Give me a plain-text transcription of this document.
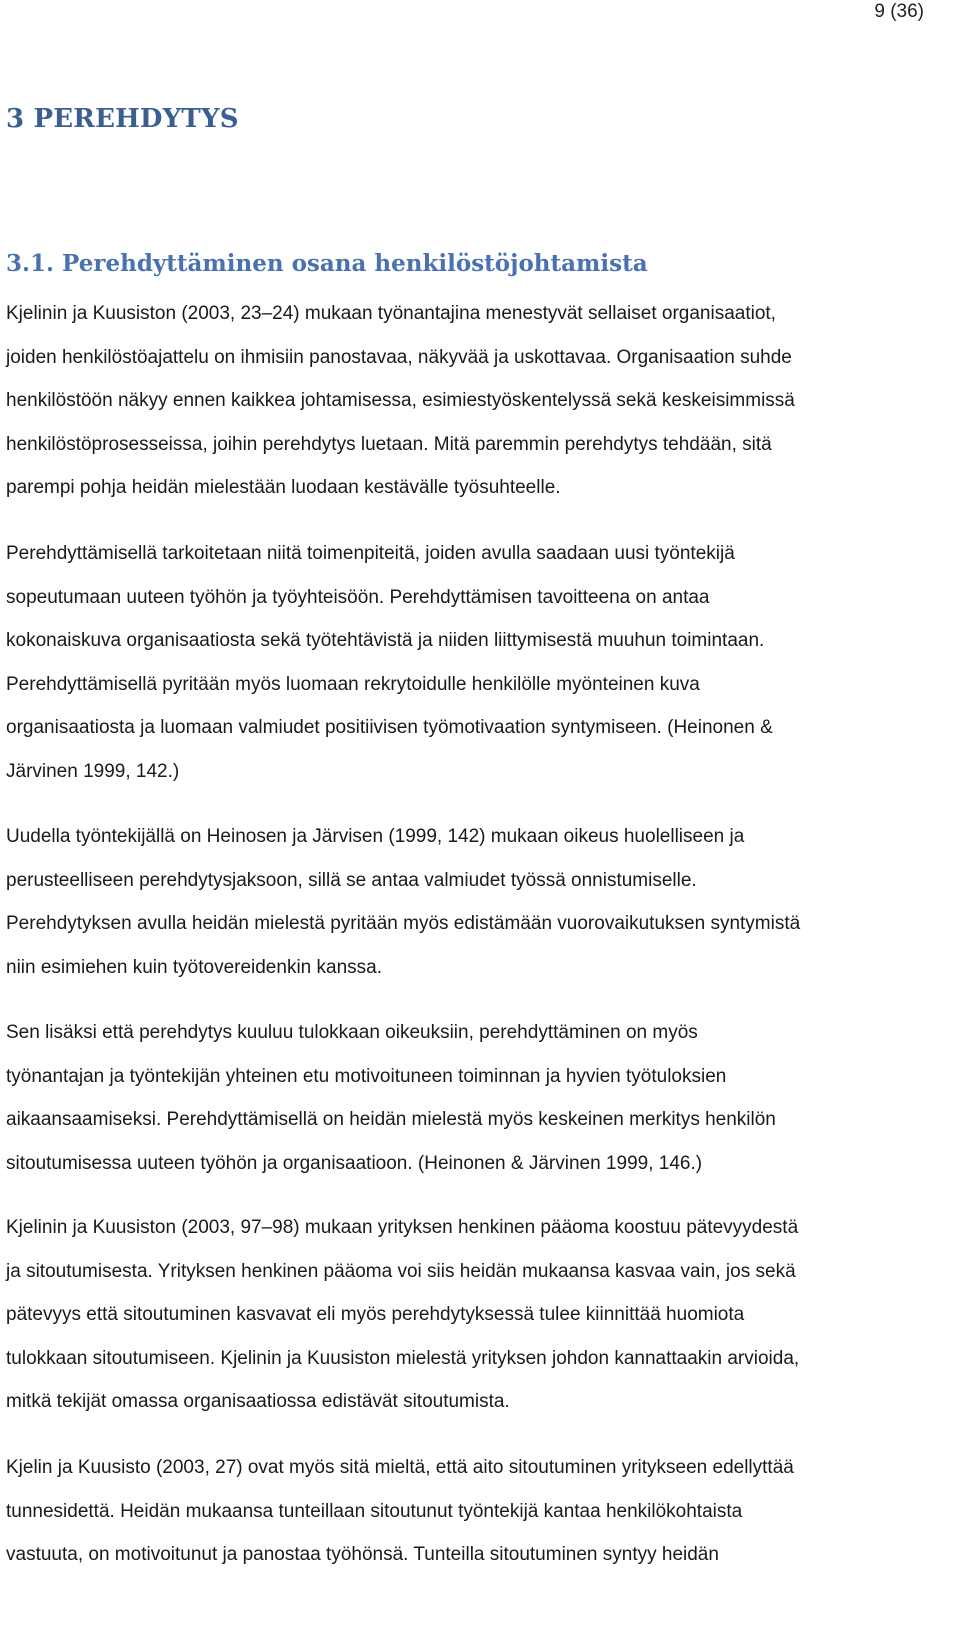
9 (36)
3 PEREHDYTYS
3.1. Perehdyttäminen osana henkilöstöjohtamista
Kjelinin ja Kuusiston (2003, 23–24) mukaan työnantajina menestyvät sellaiset organisaatiot,
joiden henkilöstöajattelu on ihmisiin panostavaa, näkyvää ja uskottavaa. Organisaation suhde
henkilöstöön näkyy ennen kaikkea johtamisessa, esimiestyöskentelyssä sekä keskeisimmissä
henkilöstöprosesseissa, joihin perehdytys luetaan. Mitä paremmin perehdytys tehdään, sitä
parempi pohja heidän mielestään luodaan kestävälle työsuhteelle.
Perehdyttämisellä tarkoitetaan niitä toimenpiteitä, joiden avulla saadaan uusi työntekijä
sopeutumaan uuteen työhön ja työyhteisöön. Perehdyttämisen tavoitteena on antaa
kokonaiskuva organisaatiosta sekä työtehtävistä ja niiden liittymisestä muuhun toimintaan.
Perehdyttämisellä pyritään myös luomaan rekrytoidulle henkilölle myönteinen kuva
organisaatiosta ja luomaan valmiudet positiivisen työmotivaation syntymiseen. (Heinonen &
Järvinen 1999, 142.)
Uudella työntekijällä on Heinosen ja Järvisen (1999, 142) mukaan oikeus huolelliseen ja
perusteelliseen perehdytysjaksoon, sillä se antaa valmiudet työssä onnistumiselle.
Perehdytyksen avulla heidän mielestä pyritään myös edistämään vuorovaikutuksen syntymistä
niin esimiehen kuin työtovereidenkin kanssa.
Sen lisäksi että perehdytys kuuluu tulokkaan oikeuksiin, perehdyttäminen on myös
työnantajan ja työntekijän yhteinen etu motivoituneen toiminnan ja hyvien työtuloksien
aikaansaamiseksi. Perehdyttämisellä on heidän mielestä myös keskeinen merkitys henkilön
sitoutumisessa uuteen työhön ja organisaatioon. (Heinonen & Järvinen 1999, 146.)
Kjelinin ja Kuusiston (2003, 97–98) mukaan yrityksen henkinen pääoma koostuu pätevyydestä
ja sitoutumisesta. Yrityksen henkinen pääoma voi siis heidän mukaansa kasvaa vain, jos sekä
pätevyys että sitoutuminen kasvavat eli myös perehdytyksessä tulee kiinnittää huomiota
tulokkaan sitoutumiseen. Kjelinin ja Kuusiston mielestä yrityksen johdon kannattaakin arvioida,
mitkä tekijät omassa organisaatiossa edistävät sitoutumista.
Kjelin ja Kuusisto (2003, 27) ovat myös sitä mieltä, että aito sitoutuminen yritykseen edellyttää
tunnesidettä. Heidän mukaansa tunteillaan sitoutunut työntekijä kantaa henkilökohtaista
vastuuta, on motivoitunut ja panostaa työhönsä. Tunteilla sitoutuminen syntyy heidän
